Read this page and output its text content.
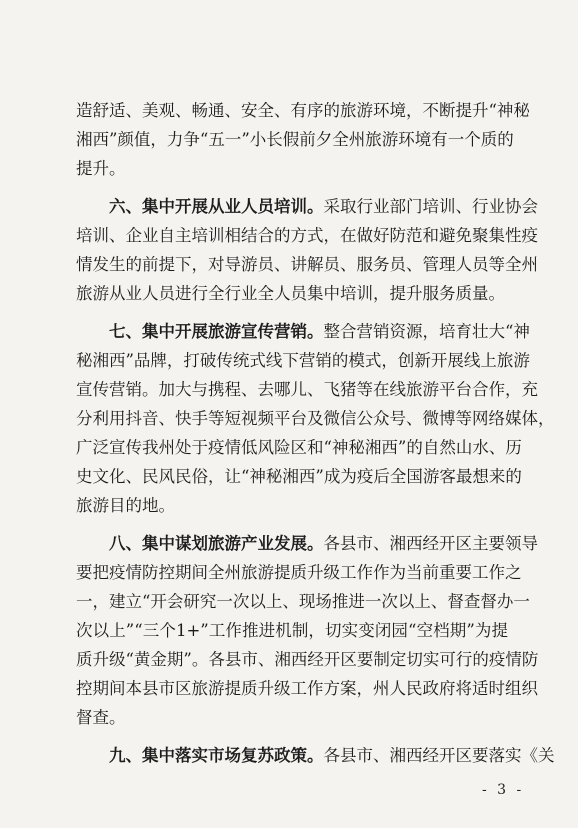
造舒适、美观、畅通、安全、有序的旅游环境，不断提升“神秘
湘西”颜值，力争“五一”小长假前夕全州旅游环境有一个质的
提升。
六、集中开展从业人员培训。采取行业部门培训、行业协会
培训、企业自主培训相结合的方式，在做好防范和避免聚集性疫
情发生的前提下，对导游员、讲解员、服务员、管理人员等全州
旅游从业人员进行全行业全人员集中培训，提升服务质量。
七、集中开展旅游宣传营销。整合营销资源，培育壮大“神
秘湘西”品牌，打破传统式线下营销的模式，创新开展线上旅游
宣传营销。加大与携程、去哪儿、飞猪等在线旅游平台合作，充
分利用抖音、快手等短视频平台及微信公众号、微博等网络媒体，
广泛宣传我州处于疫情低风险区和“神秘湘西”的自然山水、历
史文化、民风民俗，让“神秘湘西”成为疫后全国游客最想来的
旅游目的地。
八、集中谋划旅游产业发展。各县市、湘西经开区主要领导
要把疫情防控期间全州旅游提质升级工作作为当前重要工作之
一，建立“开会研究一次以上、现场推进一次以上、督查督办一
次以上”“三个1+”工作推进机制，切实变闭园“空档期”为提
质升级“黄金期”。各县市、湘西经开区要制定切实可行的疫情防
控期间本县市区旅游提质升级工作方案，州人民政府将适时组织
督查。
九、集中落实市场复苏政策。各县市、湘西经开区要落实《关
- 3 -
